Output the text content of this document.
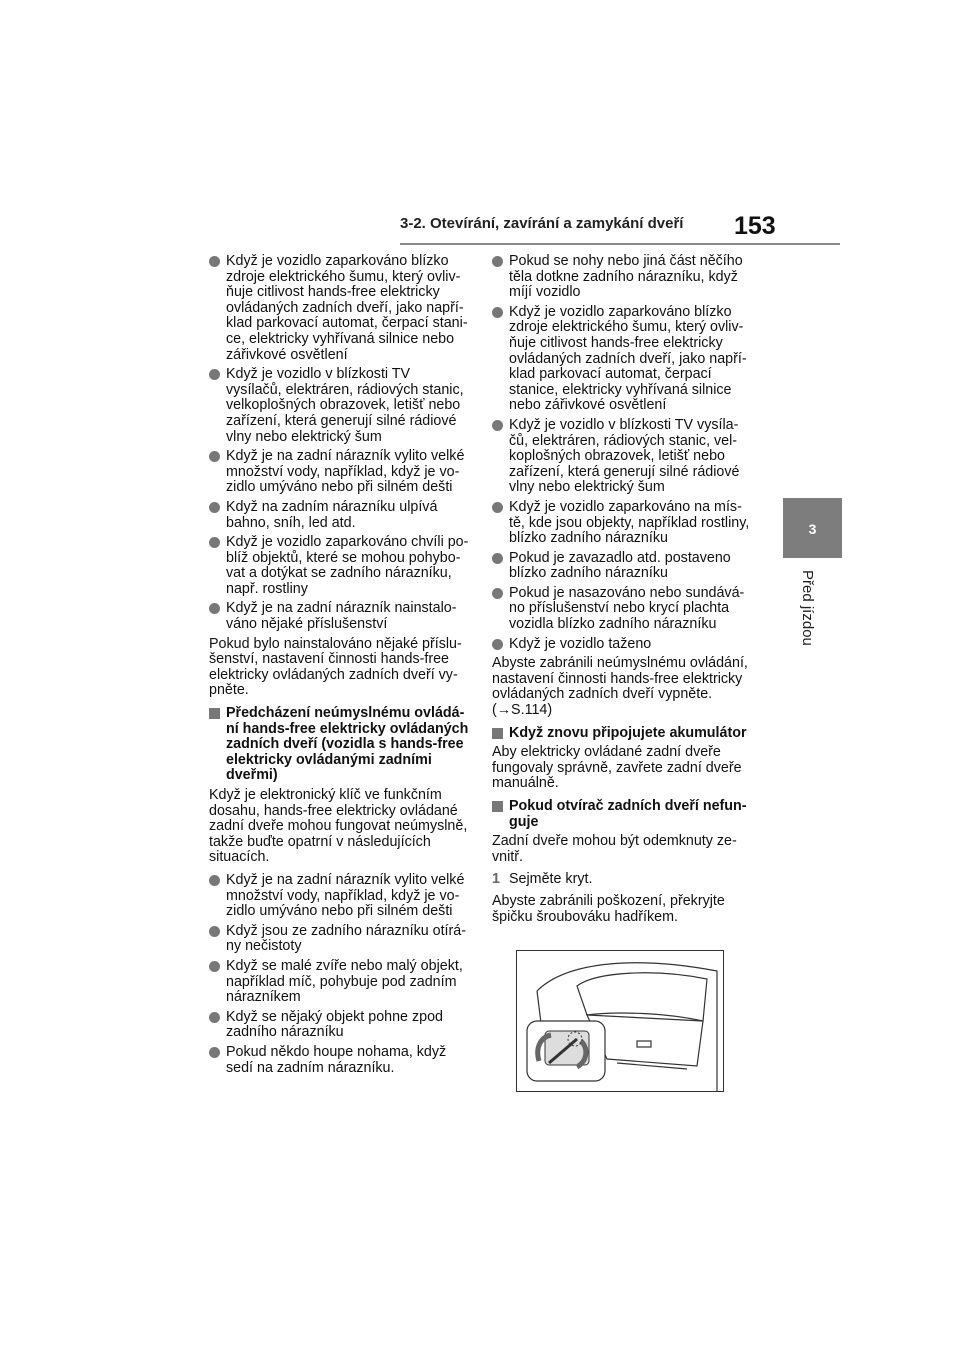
3-2. Otevírání, zavírání a zamykání dveří 153
3
Před jízdou
Když je vozidlo zaparkováno blízko zdroje elektrického šumu, který ovlivňuje citlivost hands-free elektricky ovládaných zadních dveří, jako například parkovací automat, čerpací stanice, elektricky vyhřívaná silnice nebo zářivkové osvětlení
Když je vozidlo v blízkosti TV vysílačů, elektráren, rádiových stanic, velkoplošných obrazovek, letišť nebo zařízení, která generují silné rádiové vlny nebo elektrický šum
Když je na zadní nárazník vylito velké množství vody, například, když je vozidlo umýváno nebo při silném dešti
Když na zadním nárazníku ulpívá bahno, sníh, led atd.
Když je vozidlo zaparkováno chvíli poblíž objektů, které se mohou pohybovat a dotýkat se zadního nárazníku, např. rostliny
Když je na zadní nárazník nainstalováno nějaké příslušenství

Pokud bylo nainstalováno nějaké příslušenství, nastavení činnosti hands-free elektricky ovládaných zadních dveří vypněte.

Předcházení neúmyslnému ovládání hands-free elektricky ovládaných zadních dveří (vozidla s hands-free elektricky ovládanými zadními dveřmi)

Když je elektronický klíč ve funkčním dosahu, hands-free elektricky ovládané zadní dveře mohou fungovat neúmyslně, takže buďte opatrní v následujících situacích.

Když je na zadní nárazník vylito velké množství vody, například, když je vozidlo umýváno nebo při silném dešti
Když jsou ze zadního nárazníku otírány nečistoty
Když se malé zvíře nebo malý objekt, například míč, pohybuje pod zadním nárazníkem
Když se nějaký objekt pohne zpod zadního nárazníku
Pokud někdo houpe nohama, když sedí na zadním nárazníku.
Pokud se nohy nebo jiná část něčího těla dotkne zadního nárazníku, když míjí vozidlo
Když je vozidlo zaparkováno blízko zdroje elektrického šumu, který ovlivňuje citlivost hands-free elektricky ovládaných zadních dveří, jako například parkovací automat, čerpací stanice, elektricky vyhřívaná silnice nebo zářivkové osvětlení
Když je vozidlo v blízkosti TV vysílačů, elektráren, rádiových stanic, velkoplošných obrazovek, letišť nebo zařízení, která generují silné rádiové vlny nebo elektrický šum
Když je vozidlo zaparkováno na místě, kde jsou objekty, například rostliny, blízko zadního nárazníku
Pokud je zavazadlo atd. postaveno blízko zadního nárazníku
Pokud je nasazováno nebo sundáváno příslušenství nebo krycí plachta vozidla blízko zadního nárazníku
Když je vozidlo taženo

Abyste zabránili neúmyslnému ovládání, nastavení činnosti hands-free elektricky ovládaných zadních dveří vypněte. (→S.114)

Když znovu připojujete akumulátor

Aby elektricky ovládané zadní dveře fungovaly správně, zavřete zadní dveře manuálně.

Pokud otvírač zadních dveří nefunguje

Zadní dveře mohou být odemknuty zevnitř.

1 Sejměte kryt.

Abyste zabránili poškození, překryjte špičku šroubováku hadříkem.
